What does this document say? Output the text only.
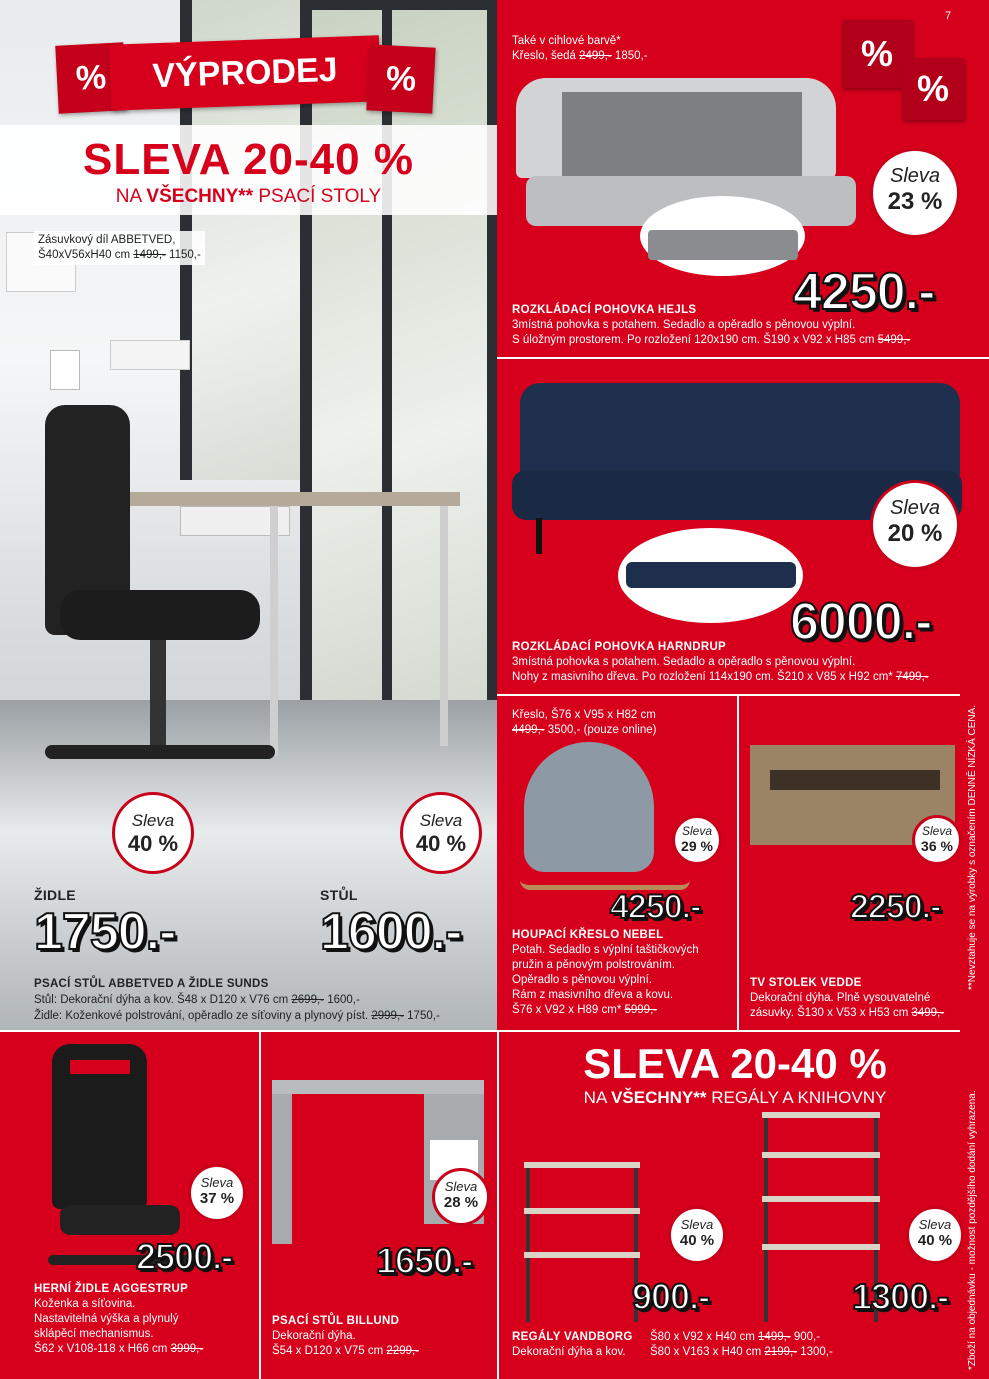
%	VÝPRODEJ	%
SLEVA 20-40 %
NA VŠECHNY** PSACÍ STOLY
Zásuvkový díl ABBETVED,
Š40xV56xH40 cm 1499,- 1150,-
Sleva
40 %
Sleva
40 %
ŽIDLE
1750.-
STŮL
1600.-
PSACÍ STŮL ABBETVED A ŽIDLE SUNDS
Stůl: Dekorační dýha a kov. Š48 x D120 x V76 cm 2699,- 1600,-
Židle: Koženkové polstrování, opěradlo ze síťoviny a plynový píst. 2999,- 1750,-
7
%
%
Také v cihlové barvě*
Křeslo, šedá 2499,- 1850,-
Sleva
23 %
4250.-
ROZKLÁDACÍ POHOVKA HEJLS
3místná pohovka s potahem. Sedadlo a opěradlo s pěnovou výplní.
S úložným prostorem. Po rozložení 120x190 cm. Š190 x V92 x H85 cm 5499,-
Sleva
20 %
6000.-
ROZKLÁDACÍ POHOVKA HARNDRUP
3místná pohovka s potahem. Sedadlo a opěradlo s pěnovou výplní.
Nohy z masivního dřeva. Po rozložení 114x190 cm. Š210 x V85 x H92 cm* 7499,-
Křeslo, Š76 x V95 x H82 cm
4499,- 3500,- (pouze online)
Sleva
29 %
4250.-
HOUPACÍ KŘESLO NEBEL
Potah. Sedadlo s výplní taštičkových
pružin a pěnovým polstrováním.
Opěradlo s pěnovou výplní.
Rám z masivního dřeva a kovu.
Š76 x V92 x H89 cm* 5999,-
Sleva
36 %
2250.-
TV STOLEK VEDDE
Dekorační dýha. Plně vysouvatelné
zásuvky. Š130 x V53 x H53 cm 3499,-
Sleva
37 %
2500.-
HERNÍ ŽIDLE AGGESTRUP
Koženka a síťovina.
Nastavitelná výška a plynulý
sklápěcí mechanismus.
Š62 x V108-118 x H66 cm 3999,-
Sleva
28 %
1650.-
PSACÍ STŮL BILLUND
Dekorační dýha.
Š54 x D120 x V75 cm 2299,-
SLEVA 20-40 %
NA VŠECHNY** REGÁLY A KNIHOVNY
Sleva
40 %
Sleva
40 %
900.-	1300.-
REGÁLY VANDBORG
Dekorační dýha a kov.
Š80 x V92 x H40 cm 1499,- 900,-
Š80 x V163 x H40 cm 2199,- 1300,-
**Nevztahuje se na výrobky s označením DENNĚ NÍZKÁ CENA.
*Zboží na objednávku - možnost pozdějšího dodání vyhrazena.
